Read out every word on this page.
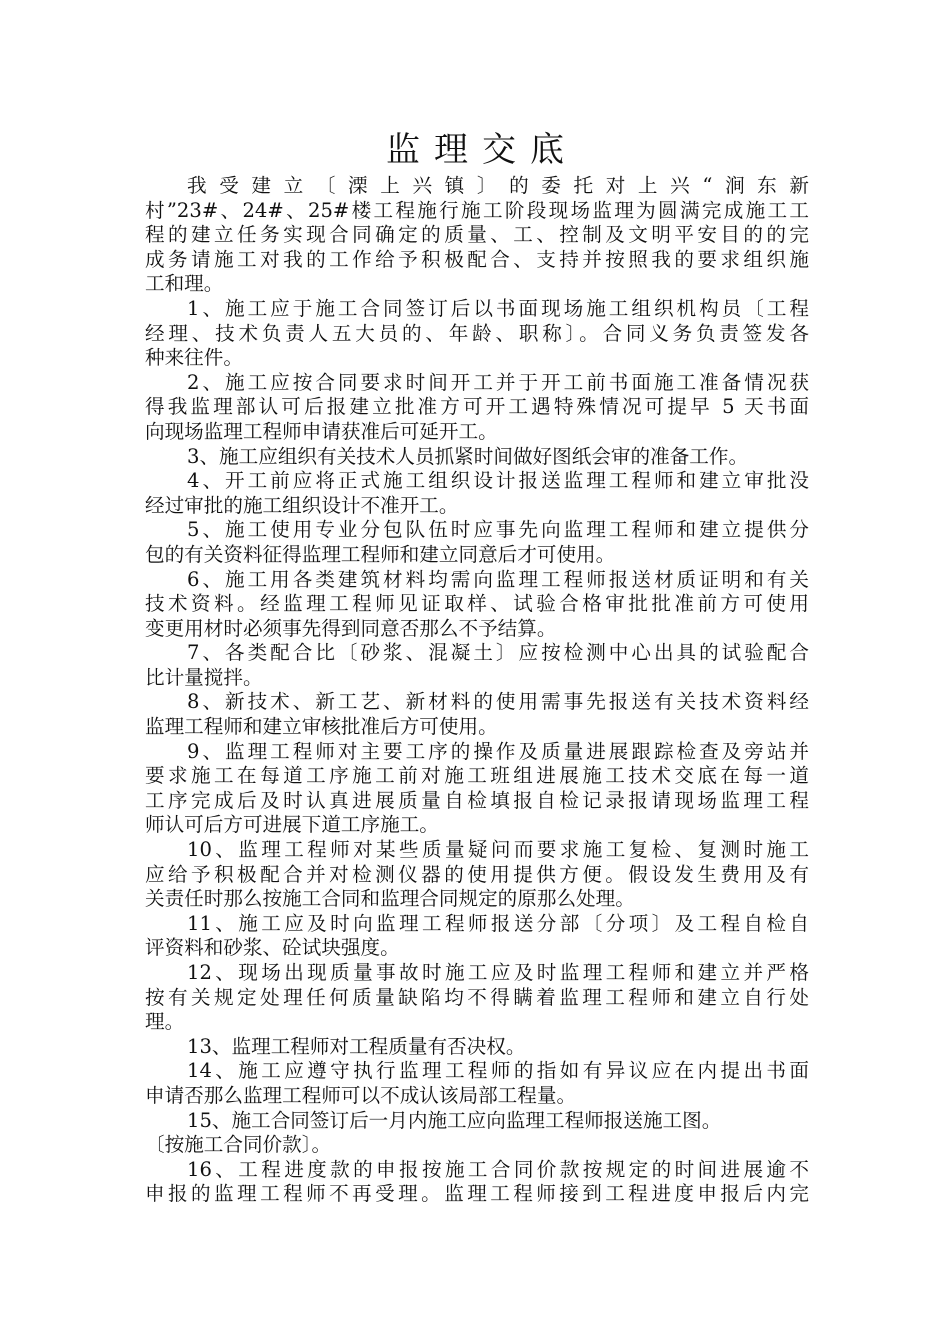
监理交底
我受建立〔溧上兴镇〕的委托对上兴“涧东新
村”23#、24#、25#楼工程施行施工阶段现场监理为圆满完成施工工
程的建立任务实现合同确定的质量、工、控制及文明平安目的的完
成务请施工对我的工作给予积极配合、支持并按照我的要求组织施
工和理。
1、施工应于施工合同签订后以书面现场施工组织机构员〔工程
经理、技术负责人五大员的、年龄、职称〕。合同义务负责签发各
种来往件。
2、施工应按合同要求时间开工并于开工前书面施工准备情况获
得我监理部认可后报建立批准方可开工遇特殊情况可提早 5 天书面
向现场监理工程师申请获准后可延开工。
3、施工应组织有关技术人员抓紧时间做好图纸会审的准备工作。
4、开工前应将正式施工组织设计报送监理工程师和建立审批没
经过审批的施工组织设计不准开工。
5、施工使用专业分包队伍时应事先向监理工程师和建立提供分
包的有关资料征得监理工程师和建立同意后才可使用。
6、施工用各类建筑材料均需向监理工程师报送材质证明和有关
技术资料。经监理工程师见证取样、试验合格审批批准前方可使用
变更用材时必须事先得到同意否那么不予结算。
7、各类配合比〔砂浆、混凝土〕应按检测中心出具的试验配合
比计量搅拌。
8、新技术、新工艺、新材料的使用需事先报送有关技术资料经
监理工程师和建立审核批准后方可使用。
9、监理工程师对主要工序的操作及质量进展跟踪检查及旁站并
要求施工在每道工序施工前对施工班组进展施工技术交底在每一道
工序完成后及时认真进展质量自检填报自检记录报请现场监理工程
师认可后方可进展下道工序施工。
10、监理工程师对某些质量疑问而要求施工复检、复测时施工
应给予积极配合并对检测仪器的使用提供方便。假设发生费用及有
关责任时那么按施工合同和监理合同规定的原那么处理。
11、施工应及时向监理工程师报送分部〔分项〕及工程自检自
评资料和砂浆、砼试块强度。
12、现场出现质量事故时施工应及时监理工程师和建立并严格
按有关规定处理任何质量缺陷均不得瞒着监理工程师和建立自行处
理。
13、监理工程师对工程质量有否决权。
14、施工应遵守执行监理工程师的指如有异议应在内提出书面
申请否那么监理工程师可以不成认该局部工程量。
15、施工合同签订后一月内施工应向监理工程师报送施工图。
〔按施工合同价款〕。
16、工程进度款的申报按施工合同价款按规定的时间进展逾不
申报的监理工程师不再受理。监理工程师接到工程进度申报后内完
